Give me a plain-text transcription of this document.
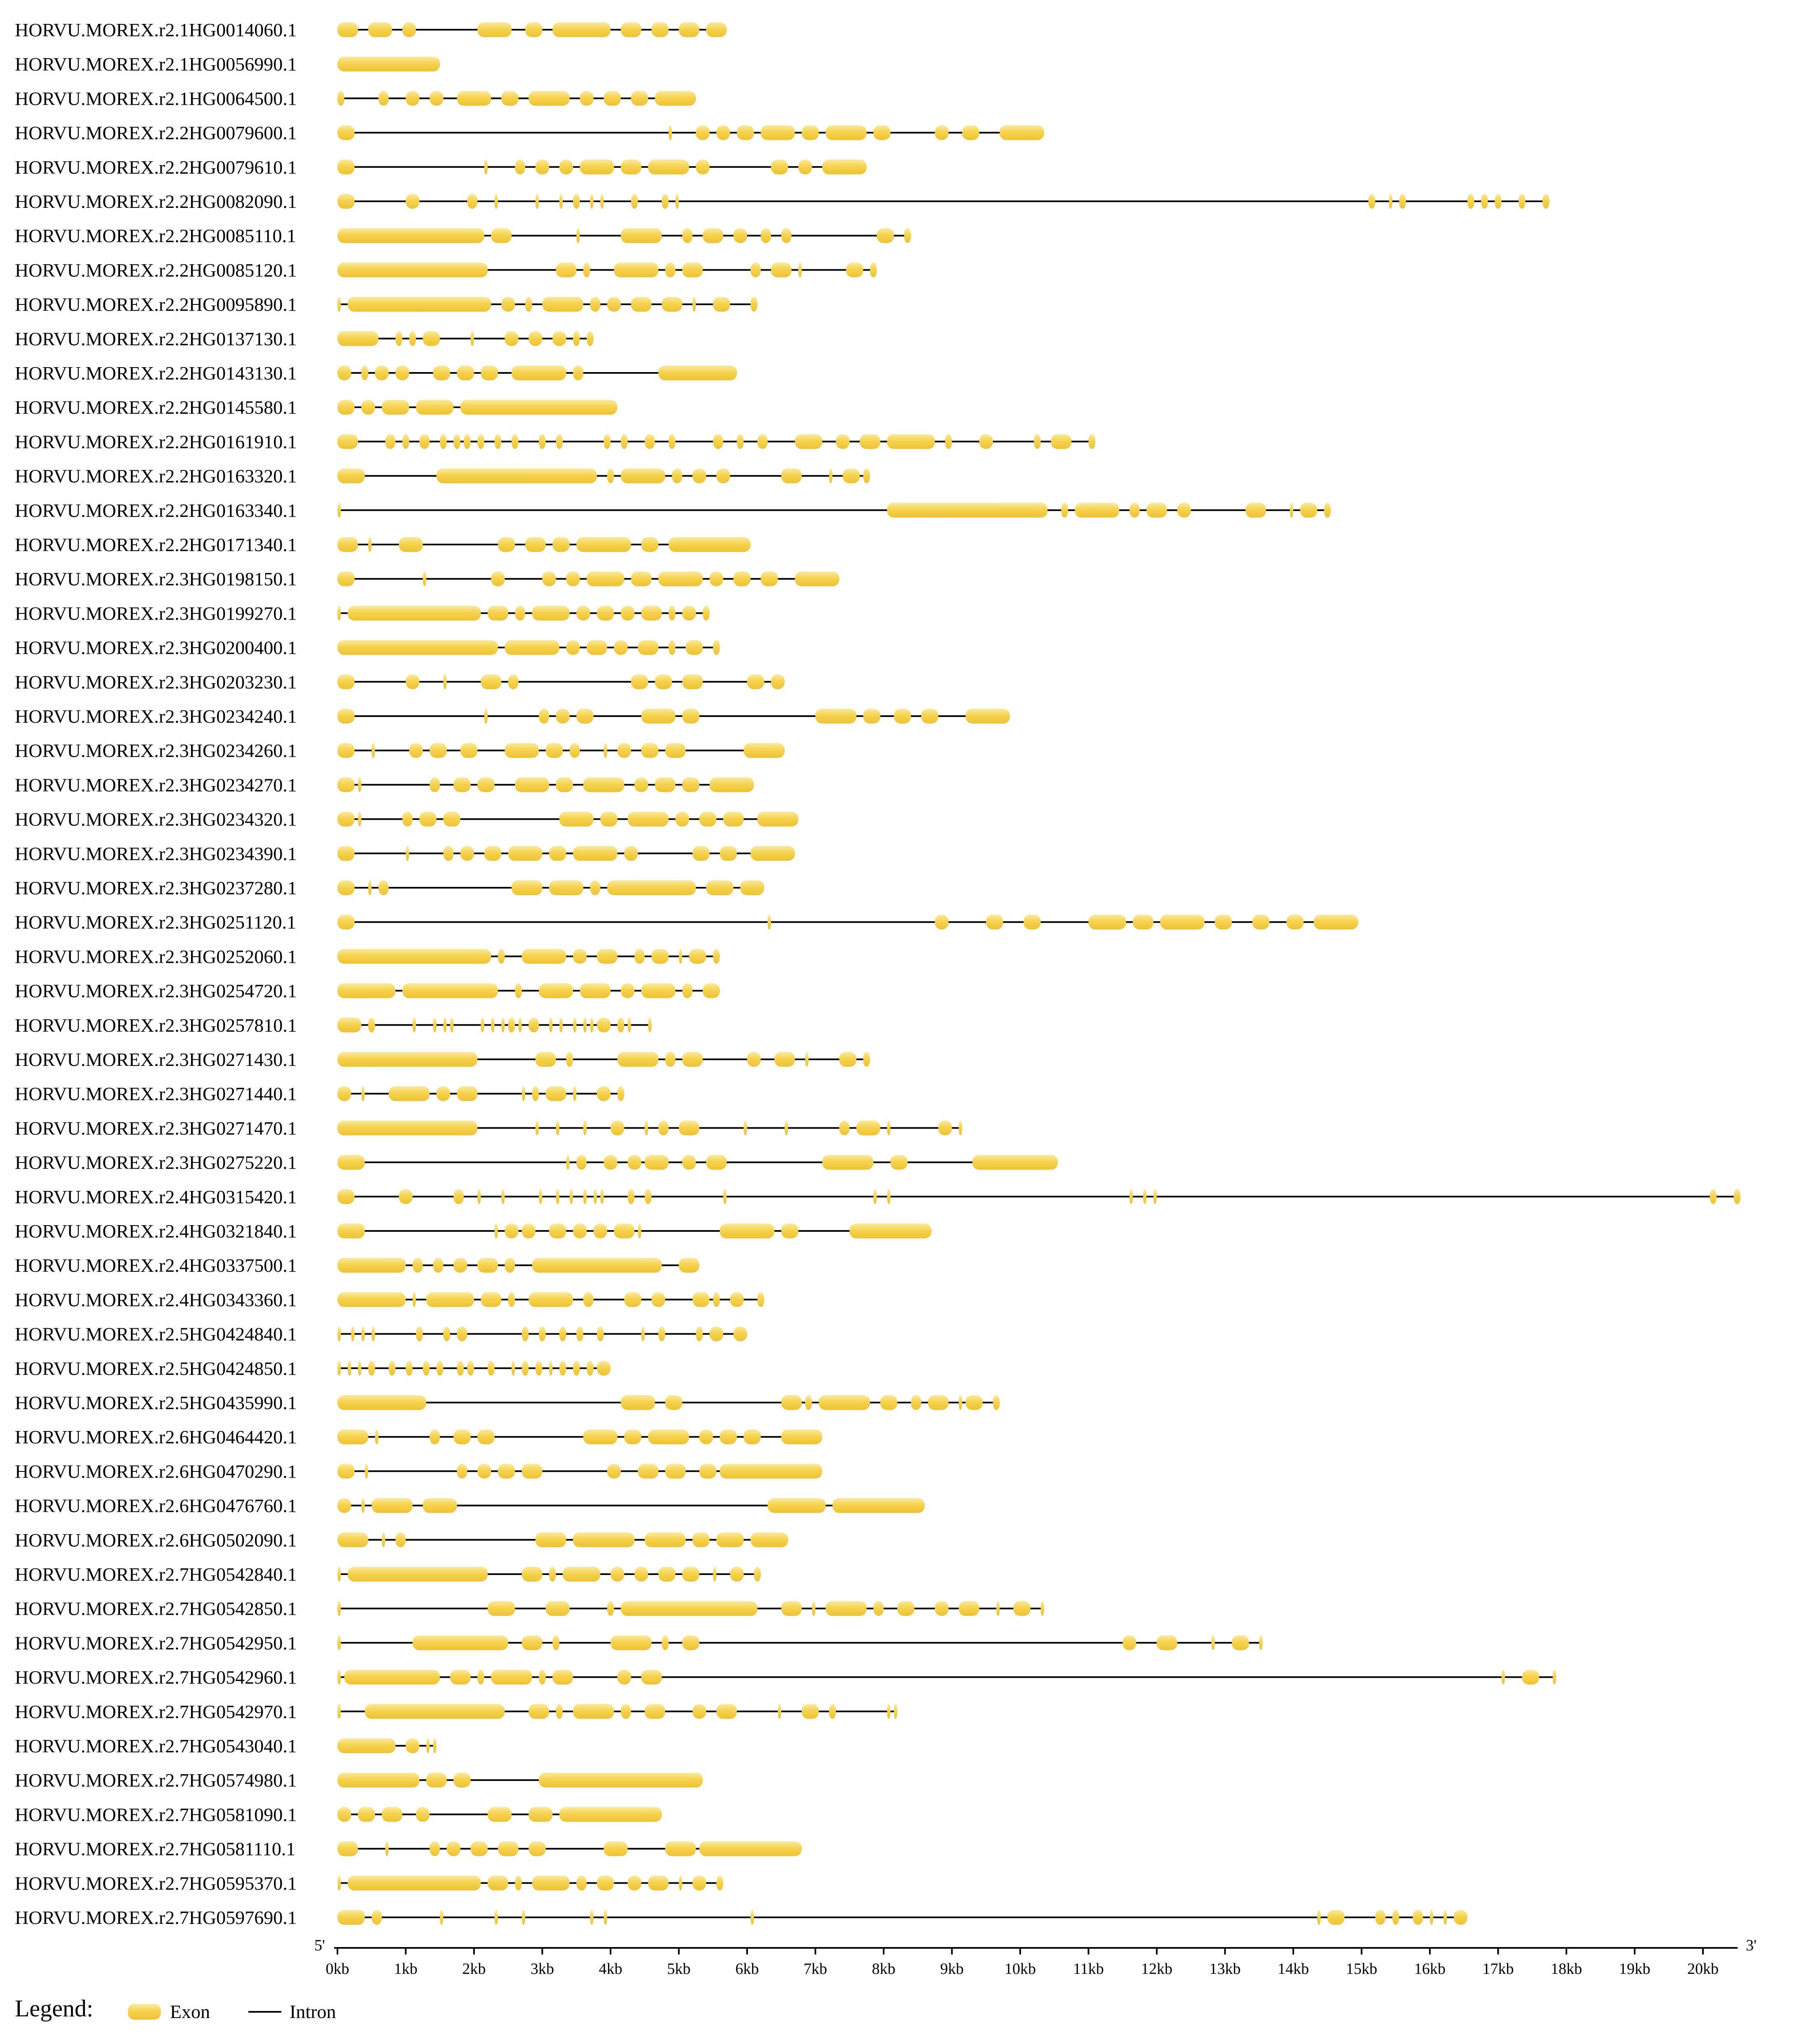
HORVU.MOREX.r2.1HG0014060.1
HORVU.MOREX.r2.1HG0056990.1
HORVU.MOREX.r2.1HG0064500.1
HORVU.MOREX.r2.2HG0079600.1
HORVU.MOREX.r2.2HG0079610.1
HORVU.MOREX.r2.2HG0082090.1
HORVU.MOREX.r2.2HG0085110.1
HORVU.MOREX.r2.2HG0085120.1
HORVU.MOREX.r2.2HG0095890.1
HORVU.MOREX.r2.2HG0137130.1
HORVU.MOREX.r2.2HG0143130.1
HORVU.MOREX.r2.2HG0145580.1
HORVU.MOREX.r2.2HG0161910.1
HORVU.MOREX.r2.2HG0163320.1
HORVU.MOREX.r2.2HG0163340.1
HORVU.MOREX.r2.2HG0171340.1
HORVU.MOREX.r2.3HG0198150.1
HORVU.MOREX.r2.3HG0199270.1
HORVU.MOREX.r2.3HG0200400.1
HORVU.MOREX.r2.3HG0203230.1
HORVU.MOREX.r2.3HG0234240.1
HORVU.MOREX.r2.3HG0234260.1
HORVU.MOREX.r2.3HG0234270.1
HORVU.MOREX.r2.3HG0234320.1
HORVU.MOREX.r2.3HG0234390.1
HORVU.MOREX.r2.3HG0237280.1
HORVU.MOREX.r2.3HG0251120.1
HORVU.MOREX.r2.3HG0252060.1
HORVU.MOREX.r2.3HG0254720.1
HORVU.MOREX.r2.3HG0257810.1
HORVU.MOREX.r2.3HG0271430.1
HORVU.MOREX.r2.3HG0271440.1
HORVU.MOREX.r2.3HG0271470.1
HORVU.MOREX.r2.3HG0275220.1
HORVU.MOREX.r2.4HG0315420.1
HORVU.MOREX.r2.4HG0321840.1
HORVU.MOREX.r2.4HG0337500.1
HORVU.MOREX.r2.4HG0343360.1
HORVU.MOREX.r2.5HG0424840.1
HORVU.MOREX.r2.5HG0424850.1
HORVU.MOREX.r2.5HG0435990.1
HORVU.MOREX.r2.6HG0464420.1
HORVU.MOREX.r2.6HG0470290.1
HORVU.MOREX.r2.6HG0476760.1
HORVU.MOREX.r2.6HG0502090.1
HORVU.MOREX.r2.7HG0542840.1
HORVU.MOREX.r2.7HG0542850.1
HORVU.MOREX.r2.7HG0542950.1
HORVU.MOREX.r2.7HG0542960.1
HORVU.MOREX.r2.7HG0542970.1
HORVU.MOREX.r2.7HG0543040.1
HORVU.MOREX.r2.7HG0574980.1
HORVU.MOREX.r2.7HG0581090.1
HORVU.MOREX.r2.7HG0581110.1
HORVU.MOREX.r2.7HG0595370.1
HORVU.MOREX.r2.7HG0597690.1
5'	3'
0kb	1kb	2kb	3kb	4kb	5kb	6kb	7kb	8kb	9kb	10kb 11kb 12kb 13kb 14kb 15kb 16kb 17kb 18kb 19kb 20kb
Legend:	Exon	Intron
